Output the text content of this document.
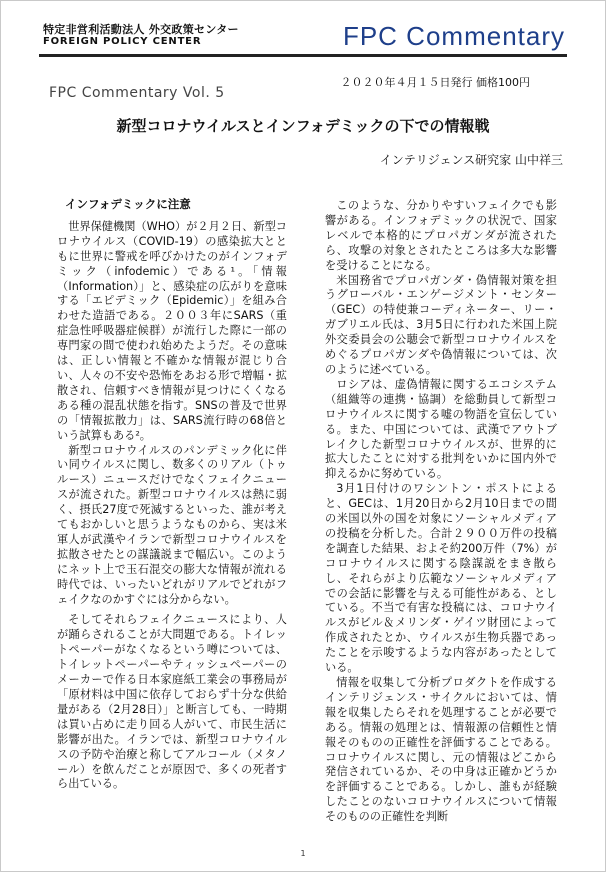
特定非営利活動法人 外交政策センター
FOREIGN POLICY CENTER	FPC Commentary
２０２０年４月１５日発行 価格100円
FPC Commentary Vol. 5
新型コロナウイルスとインフォデミックの下での情報戦
インテリジェンス研究家 山中祥三
インフォデミックに注意

世界保健機関（WHO）が２月２日、新型コロナウイルス（COVID-19）の感染拡大とともに世界に警戒を呼びかけたのがインフォデミック（infodemic）である¹。「情報（Information）」と、感染症の広がりを意味する「エピデミック（Epidemic）」を組み合わせた造語である。２００３年にSARS（重症急性呼吸器症候群）が流行した際に一部の専門家の間で使われ始めたようだ。その意味は、正しい情報と不確かな情報が混じり合い、人々の不安や恐怖をあおる形で増幅・拡散され、信頼すべき情報が見つけにくくなるある種の混乱状態を指す。SNSの普及で世界の「情報拡散力」は、SARS流行時の68倍という試算もある²。

新型コロナウイルスのパンデミック化に伴い同ウイルスに関し、数多くのリアル（トゥルース）ニュースだけでなくフェイクニュースが流された。新型コロナウイルスは熱に弱く、摂氏27度で死滅するといった、誰が考えてもおかしいと思うようなものから、実は米軍人が武漢やイランで新型コロナウイルスを拡散させたとの謀議説まで幅広い。このようにネット上で玉石混交の膨大な情報が流れる時代では、いったいどれがリアルでどれがフェイクなのかすぐには分からない。

そしてそれらフェイクニュースにより、人が踊らされることが大問題である。トイレットペーパーがなくなるという噂については、トイレットペーパーやティッシュペーパーのメーカーで作る日本家庭紙工業会の事務局が「原材料は中国に依存しておらず十分な供給量がある（2月28日）」と断言しても、一時期は買い占めに走り回る人がいて、市民生活に影響が出た。イランでは、新型コロナウイルスの予防や治療と称してアルコール（メタノール）を飲んだことが原因で、多くの死者すら出ている。

このような、分かりやすいフェイクでも影響がある。インフォデミックの状況で、国家レベルで本格的にプロパガンダが流されたら、攻撃の対象とされたところは多大な影響を受けることになる。

米国務省でプロパガンダ・偽情報対策を担うグローバル・エンゲージメント・センター（GEC）の特使兼コーディネーター、リー・ガブリエル氏は、3月5日に行われた米国上院外交委員会の公聴会で新型コロナウイルスをめぐるプロパガンダや偽情報については、次のように述べている。

ロシアは、虚偽情報に関するエコシステム（組織等の連携・協調）を総動員して新型コロナウイルスに関する嘘の物語を宣伝している。また、中国については、武漢でアウトブレイクした新型コロナウイルスが、世界的に拡大したことに対する批判をいかに国内外で抑えるかに努めている。

3月1日付けのワシントン・ポストによると、GECは、1月20日から2月10日までの間の米国以外の国を対象にソーシャルメディアの投稿を分析した。合計２９００万件の投稿を調査した結果、およそ約200万件（7%）がコロナウイルスに関する陰謀説をまき散らし、それらがより広範なソーシャルメディアでの会話に影響を与える可能性がある、としている。不当で有害な投稿には、コロナウイルスがビル＆メリンダ・ゲイツ財団によって作成されたとか、ウイルスが生物兵器であったことを示唆するような内容があったとしている。

情報を収集して分析プロダクトを作成するインテリジェンス・サイクルにおいては、情報を収集したらそれを処理することが必要である。情報の処理とは、情報源の信頼性と情報そのものの正確性を評価することである。コロナウイルスに関し、元の情報はどこから発信されているか、その中身は正確かどうかを評価することである。しかし、誰もが経験したことのないコロナウイルスについて情報そのものの正確性を判断

1
